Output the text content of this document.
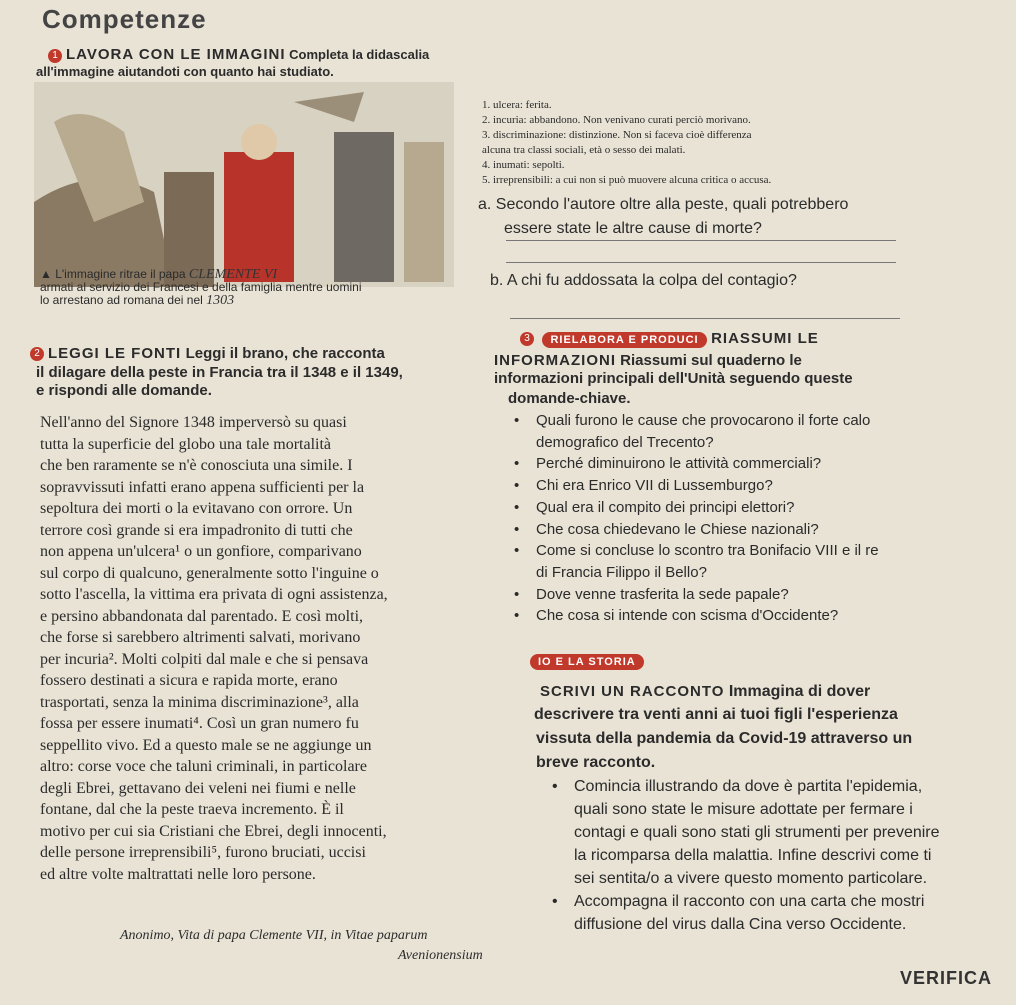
Competenze
1 LAVORA CON LE IMMAGINI Completa la didascalia
all'immagine aiutandoti con quanto hai studiato.
▲ L'immagine ritrae il papa CLEMENTE VI
armati al servizio dei Francesi e della famiglia mentre uomini
lo arrestano ad romana dei nel 1303
1. ulcera: ferita.
2. incuria: abbandono. Non venivano curati perciò morivano.
3. discriminazione: distinzione. Non si faceva cioè differenza
alcuna tra classi sociali, età o sesso dei malati.
4. inumati: sepolti.
5. irreprensibili: a cui non si può muovere alcuna critica o accusa.
a. Secondo l'autore oltre alla peste, quali potrebbero
essere state le altre cause di morte?
b. A chi fu addossata la colpa del contagio?
2 LEGGI LE FONTI Leggi il brano, che racconta
il dilagare della peste in Francia tra il 1348 e il 1349,
e rispondi alle domande.
Nell'anno del Signore 1348 imperversò su quasi
tutta la superficie del globo una tale mortalità
che ben raramente se n'è conosciuta una simile. I
sopravvissuti infatti erano appena sufficienti per la
sepoltura dei morti o la evitavano con orrore. Un
terrore così grande si era impadronito di tutti che
non appena un'ulcera¹ o un gonfiore, comparivano
sul corpo di qualcuno, generalmente sotto l'inguine o
sotto l'ascella, la vittima era privata di ogni assistenza,
e persino abbandonata dal parentado. E così molti,
che forse si sarebbero altrimenti salvati, morivano
per incuria². Molti colpiti dal male e che si pensava
fossero destinati a sicura e rapida morte, erano
trasportati, senza la minima discriminazione³, alla
fossa per essere inumati⁴. Così un gran numero fu
seppellito vivo. Ed a questo male se ne aggiunge un
altro: corse voce che taluni criminali, in particolare
degli Ebrei, gettavano dei veleni nei fiumi e nelle
fontane, dal che la peste traeva incremento. È il
motivo per cui sia Cristiani che Ebrei, degli innocenti,
delle persone irreprensibili⁵, furono bruciati, uccisi
ed altre volte maltrattati nelle loro persone.
Anonimo, Vita di papa Clemente VII, in Vitae paparum
Avenionensium
3 RIELABORA E PRODUCI RIASSUMI LE
INFORMAZIONI Riassumi sul quaderno le
informazioni principali dell'Unità seguendo queste
domande-chiave.
• Quali furono le cause che provocarono il forte calo
demografico del Trecento?
• Perché diminuirono le attività commerciali?
• Chi era Enrico VII di Lussemburgo?
• Qual era il compito dei principi elettori?
• Che cosa chiedevano le Chiese nazionali?
• Come si concluse lo scontro tra Bonifacio VIII e il re
di Francia Filippo il Bello?
• Dove venne trasferita la sede papale?
• Che cosa si intende con scisma d'Occidente?
IO E LA STORIA
SCRIVI UN RACCONTO Immagina di dover
descrivere tra venti anni ai tuoi figli l'esperienza
vissuta della pandemia da Covid-19 attraverso un
breve racconto.
• Comincia illustrando da dove è partita l'epidemia,
quali sono state le misure adottate per fermare i
contagi e quali sono stati gli strumenti per prevenire
la ricomparsa della malattia. Infine descrivi come ti
sei sentita/o a vivere questo momento particolare.
• Accompagna il racconto con una carta che mostri
diffusione del virus dalla Cina verso Occidente.
VERIFICA
